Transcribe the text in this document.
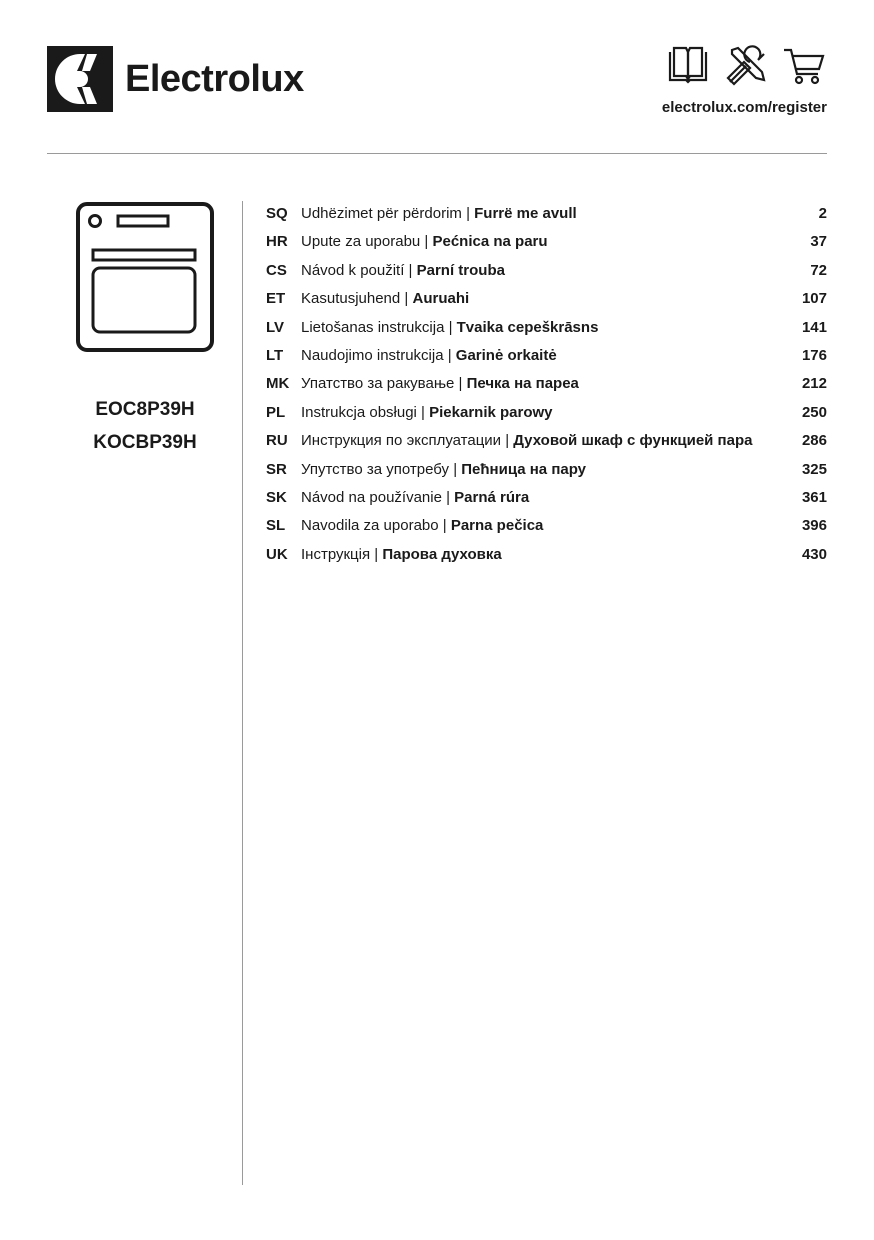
Electrolux
electrolux.com/register
EOC8P39H
KOCBP39H
SQ Udhëzimet për përdorim | Furrë me avull	2
HR Upute za uporabu | Pećnica na paru	37
CS Návod k použití | Parní trouba	72
ET	Kasutusjuhend | Auruahi	107
LV	Lietošanas instrukcija | Tvaika cepeškrāsns	141
LT	Naudojimo instrukcija | Garinė orkaitė	176
MK Упатство за ракување | Печка на пареа	212
PL	Instrukcja obsługi | Piekarnik parowy	250
RU Инструкция по эксплуатации | Духовой шкаф с функцией пара	286
SR Упутство за употребу | Пећница на пару	325
SK Návod na používanie | Parná rúra	361
SL	Navodila za uporabo | Parna pečica	396
UK Інструкція | Парова духовка	430
